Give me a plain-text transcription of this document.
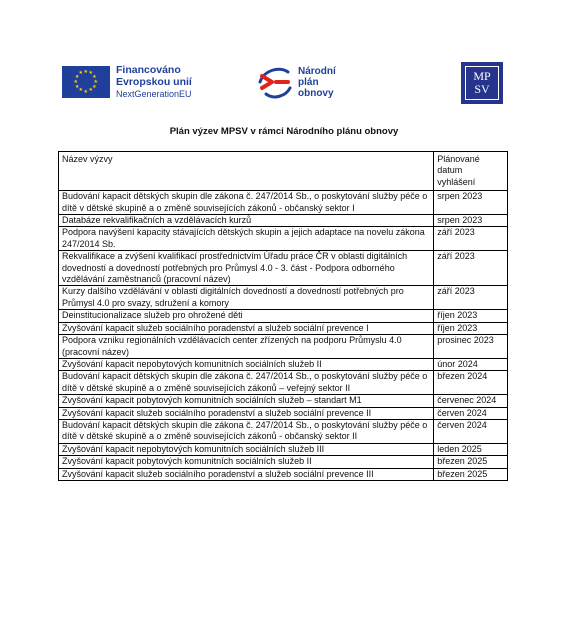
★
★
★
★
★
★
★
★
★ ★ ★
★
Financováno
Evropskou unií
NextGenerationEU
Národní
plán
obnovy
MP
SV
Plán výzev MPSV v rámci Národního plánu obnovy
Název výzvy	Plánované
datum
vyhlášení
Budování kapacit dětských skupin dle zákona č. 247/2014 Sb., o poskytování služby péče o dítě v dětské skupině a o změně souvisejících zákonů - občanský sektor I	srpen 2023
Databáze rekvalifikačních a vzdělávacích kurzů	srpen 2023
Podpora navýšení kapacity stávajících dětských skupin a jejich adaptace na novelu zákona 247/2014 Sb.	září 2023
Rekvalifikace a zvýšení kvalifikací prostřednictvím Úřadu práce ČR v oblasti digitálních dovedností a dovedností potřebných pro Průmysl 4.0 - 3. část - Podpora odborného vzdělávání zaměstnanců (pracovní název)	září 2023
Kurzy dalšího vzdělávání v oblasti digitálních dovedností a dovedností potřebných pro Průmysl 4.0 pro svazy, sdružení a komory	září 2023
Deinstitucionalizace služeb pro ohrožené děti	říjen 2023
Zvyšování kapacit služeb sociálního poradenství a služeb sociální prevence I	říjen 2023
Podpora vzniku regionálních vzdělávacích center zřízených na podporu Průmyslu 4.0 (pracovní název)	prosinec 2023
Zvyšování kapacit nepobytových komunitních sociálních služeb II	únor 2024
Budování kapacit dětských skupin dle zákona č. 247/2014 Sb., o poskytování služby péče o dítě v dětské skupině a o změně souvisejících zákonů – veřejný sektor II	březen 2024
Zvyšování kapacit pobytových komunitních sociálních služeb – standart M1	červenec 2024
Zvyšování kapacit služeb sociálního poradenství a služeb sociální prevence II	červen 2024
Budování kapacit dětských skupin dle zákona č. 247/2014 Sb., o poskytování služby péče o dítě v dětské skupině a o změně souvisejících zákonů - občanský sektor II	červen 2024
Zvyšování kapacit nepobytových komunitních sociálních služeb III	leden 2025
Zvyšování kapacit pobytových komunitních sociálních služeb II	březen 2025
Zvyšování kapacit služeb sociálního poradenství a služeb sociální prevence III	březen 2025
